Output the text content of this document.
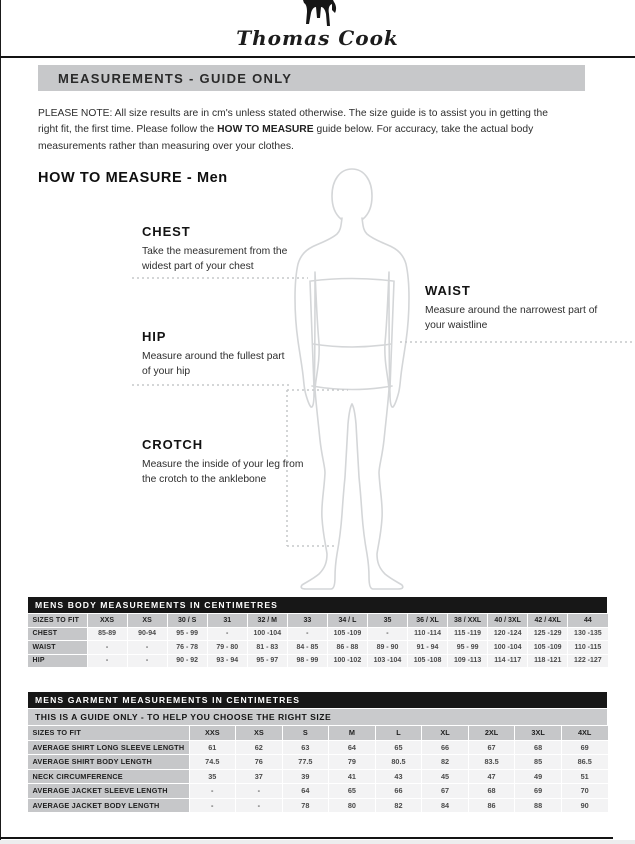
Thomas Cook
MEASUREMENTS - GUIDE ONLY

PLEASE NOTE: All size results are in cm's unless stated otherwise. The size guide is to assist you in getting the right fit, the first time. Please follow the HOW TO MEASURE guide below. For accuracy, take the actual body measurements rather than measuring over your clothes.

HOW TO MEASURE - Men
CHEST

Take the measurement from the widest part of your chest

WAIST

Measure around the narrowest part of your waistline

HIP

Measure around the fullest part of your hip

CROTCH

Measure the inside of your leg from the crotch to the anklebone

MENS BODY MEASUREMENTS IN CENTIMETRES
SIZES TO FIT	XXS	XS	30 / S	31	32 / M	33	34 / L	35	36 / XL	38 / XXL	40 / 3XL	42 / 4XL	44
CHEST	85-89	90-94	95 - 99	-	100 -104	-	105 -109	-	110 -114	115 -119	120 -124	125 -129	130 -135
WAIST	-	-	76 - 78	79 - 80	81 - 83	84 - 85	86 - 88	89 - 90	91 - 94	95 - 99	100 -104	105 -109	110 -115
HIP	-	-	90 - 92	93 - 94	95 - 97	98 - 99	100 -102	103 -104	105 -108	109 -113	114 -117	118 -121	122 -127
MENS GARMENT MEASUREMENTS IN CENTIMETRES
THIS IS A GUIDE ONLY - TO HELP YOU CHOOSE THE RIGHT SIZE
SIZES TO FIT	XXS	XS	S	M	L	XL	2XL	3XL	4XL
AVERAGE SHIRT LONG SLEEVE LENGTH	61	62	63	64	65	66	67	68	69
AVERAGE SHIRT BODY LENGTH	74.5	76	77.5	79	80.5	82	83.5	85	86.5
NECK CIRCUMFERENCE	35	37	39	41	43	45	47	49	51
AVERAGE JACKET SLEEVE LENGTH	-	-	64	65	66	67	68	69	70
AVERAGE JACKET BODY LENGTH	-	-	78	80	82	84	86	88	90
